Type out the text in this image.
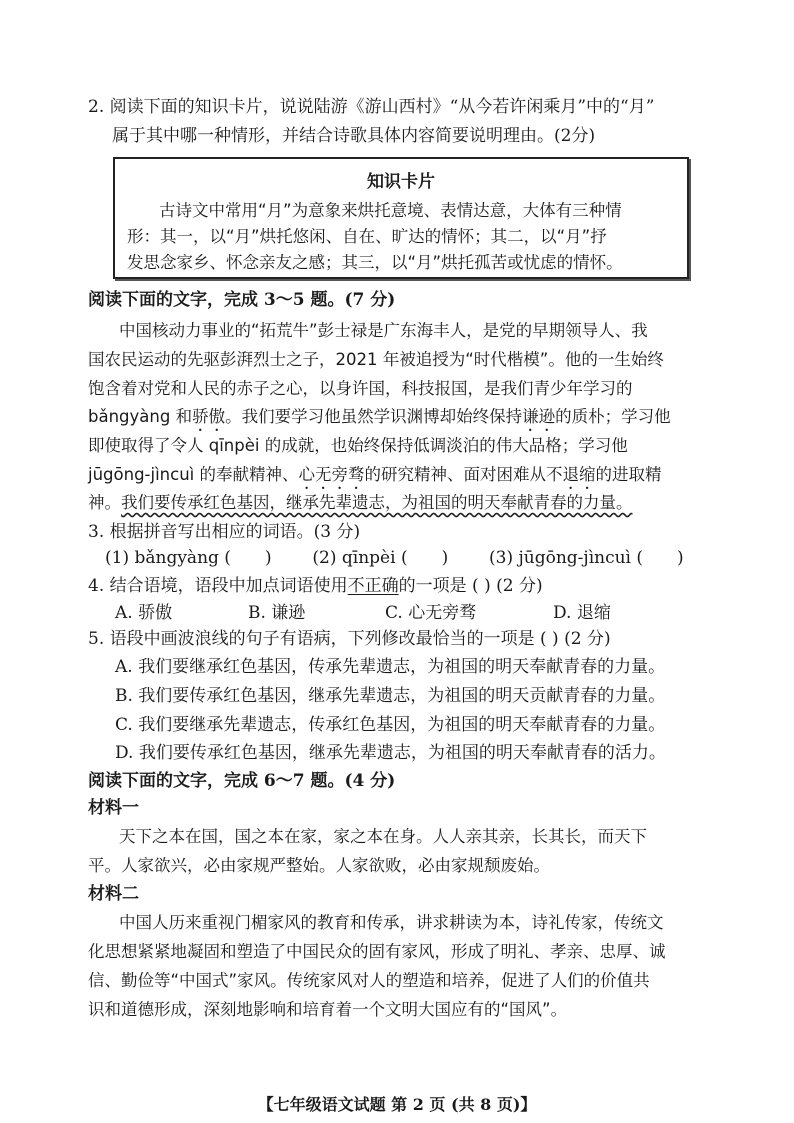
2. 阅读下面的知识卡片，说说陆游《游山西村》“从今若许闲乘月”中的“月”
属于其中哪一种情形，并结合诗歌具体内容简要说明理由。(2分)
知识卡片
古诗文中常用“月”为意象来烘托意境、表情达意，大体有三种情
形：其一，以“月”烘托悠闲、自在、旷达的情怀；其二，以“月”抒
发思念家乡、怀念亲友之感；其三，以“月”烘托孤苦或忧虑的情怀。
阅读下面的文字，完成 3～5 题。(7 分)
中国核动力事业的“拓荒牛”彭士禄是广东海丰人，是党的早期领导人、我
国农民运动的先驱彭湃烈士之子，2021 年被追授为“时代楷模”。他的一生始终
饱含着对党和人民的赤子之心，以身许国，科技报国，是我们青少年学习的
bǎngyàng 和骄傲。我们要学习他虽然学识渊博却始终保持谦逊的质朴；学习他
即使取得了令人 qīnpèi 的成就，也始终保持低调淡泊的伟大品格；学习他
jūgōng-jìncuì 的奉献精神、心无旁骛的研究精神、面对困难从不退缩的进取精
神。我们要传承红色基因，继承先辈遗志，为祖国的明天奉献青春的力量。
3. 根据拼音写出相应的词语。(3 分)
(1) bǎngyàng ( ) (2) qīnpèi ( ) (3) jūgōng-jìncuì ( )
4. 结合语境，语段中加点词语使用不正确的一项是 ( ) (2 分)
A. 骄傲	B. 谦逊	C. 心无旁骛	D. 退缩
5. 语段中画波浪线的句子有语病，下列修改最恰当的一项是 ( ) (2 分)
A. 我们要继承红色基因，传承先辈遗志，为祖国的明天奉献青春的力量。
B. 我们要传承红色基因，继承先辈遗志，为祖国的明天贡献青春的力量。
C. 我们要继承先辈遗志，传承红色基因，为祖国的明天奉献青春的力量。
D. 我们要传承红色基因，继承先辈遗志，为祖国的明天奉献青春的活力。
阅读下面的文字，完成 6～7 题。(4 分)
材料一
天下之本在国，国之本在家，家之本在身。人人亲其亲，长其长，而天下
平。人家欲兴，必由家规严整始。人家欲败，必由家规颓废始。
材料二
中国人历来重视门楣家风的教育和传承，讲求耕读为本，诗礼传家，传统文
化思想紧紧地凝固和塑造了中国民众的固有家风，形成了明礼、孝亲、忠厚、诚
信、勤俭等“中国式”家风。传统家风对人的塑造和培养，促进了人们的价值共
识和道德形成，深刻地影响和培育着一个文明大国应有的“国风”。
【七年级语文试题 第 2 页 (共 8 页)】
